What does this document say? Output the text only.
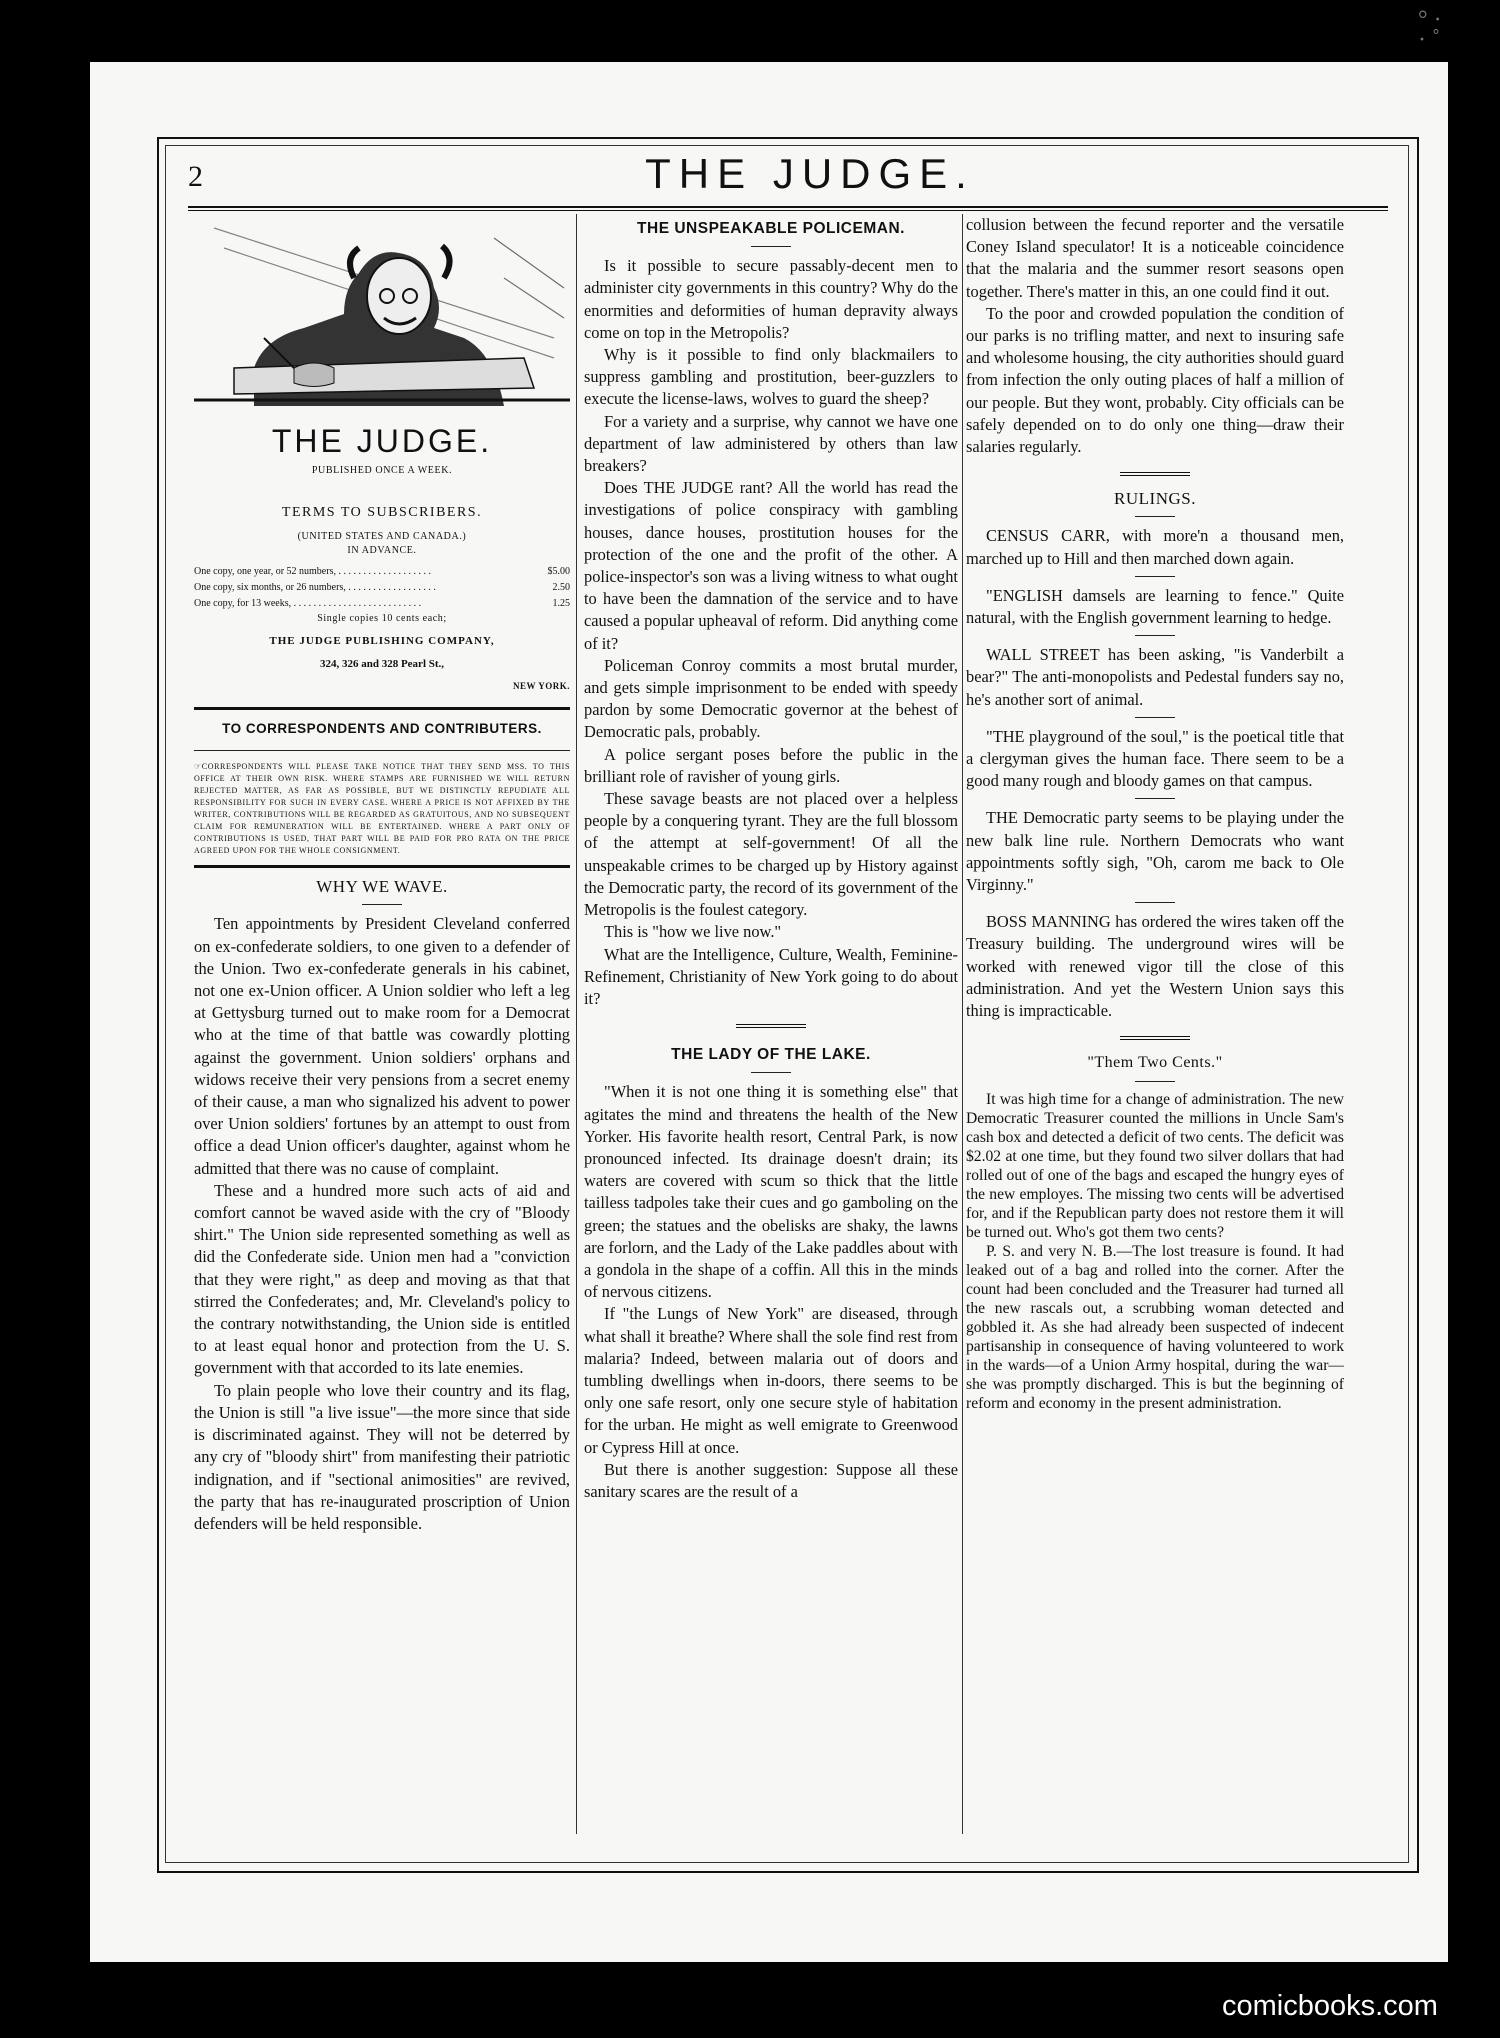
° ·
· ˚
2	THE JUDGE.
THE JUDGE.
PUBLISHED ONCE A WEEK.
TERMS TO SUBSCRIBERS.
(UNITED STATES AND CANADA.)
IN ADVANCE.
One copy, one year, or 52 numbers, . . . . . . . . . . . . . . . . . . .	$5.00
One copy, six months, or 26 numbers, . . . . . . . . . . . . . . . . . .	2.50
One copy, for 13 weeks, . . . . . . . . . . . . . . . . . . . . . . . . . .	1.25
Single copies 10 cents each;
THE JUDGE PUBLISHING COMPANY,
324, 326 and 328 Pearl St.,
NEW YORK.
TO CORRESPONDENTS AND CONTRIBUTERS.
☞CORRESPONDENTS WILL PLEASE TAKE NOTICE THAT THEY SEND MSS. TO THIS OFFICE AT THEIR OWN RISK. WHERE STAMPS ARE FURNISHED WE WILL RETURN REJECTED MATTER, AS FAR AS POSSIBLE, BUT WE DISTINCTLY REPUDIATE ALL RESPONSIBILITY FOR SUCH IN EVERY CASE. WHERE A PRICE IS NOT AFFIXED BY THE WRITER, CONTRIBUTIONS WILL BE REGARDED AS GRATUITOUS, AND NO SUBSEQUENT CLAIM FOR REMUNERATION WILL BE ENTERTAINED. WHERE A PART ONLY OF CONTRIBUTIONS IS USED, THAT PART WILL BE PAID FOR PRO RATA ON THE PRICE AGREED UPON FOR THE WHOLE CONSIGNMENT.
WHY WE WAVE.

Ten appointments by President Cleveland conferred on ex-confederate soldiers, to one given to a defender of the Union. Two ex-confederate generals in his cabinet, not one ex-Union officer. A Union soldier who left a leg at Gettysburg turned out to make room for a Democrat who at the time of that battle was cowardly plotting against the government. Union soldiers' orphans and widows receive their very pensions from a secret enemy of their cause, a man who signalized his advent to power over Union soldiers' fortunes by an attempt to oust from office a dead Union officer's daughter, against whom he admitted that there was no cause of complaint.

These and a hundred more such acts of aid and comfort cannot be waved aside with the cry of "Bloody shirt." The Union side represented something as well as did the Confederate side. Union men had a "conviction that they were right," as deep and moving as that that stirred the Confederates; and, Mr. Cleveland's policy to the contrary notwithstanding, the Union side is entitled to at least equal honor and protection from the U. S. government with that accorded to its late enemies.

To plain people who love their country and its flag, the Union is still "a live issue"—the more since that side is discriminated against. They will not be deterred by any cry of "bloody shirt" from manifesting their patriotic indignation, and if "sectional animosities" are revived, the party that has re-inaugurated proscription of Union defenders will be held responsible.

THE UNSPEAKABLE POLICEMAN.

Is it possible to secure passably-decent men to administer city governments in this country? Why do the enormities and deformities of human depravity always come on top in the Metropolis?

Why is it possible to find only blackmailers to suppress gambling and prostitution, beer-guzzlers to execute the license-laws, wolves to guard the sheep?

For a variety and a surprise, why cannot we have one department of law administered by others than law breakers?

Does THE JUDGE rant? All the world has read the investigations of police conspiracy with gambling houses, dance houses, prostitution houses for the protection of the one and the profit of the other. A police-inspector's son was a living witness to what ought to have been the damnation of the service and to have caused a popular upheaval of reform. Did anything come of it?

Policeman Conroy commits a most brutal murder, and gets simple imprisonment to be ended with speedy pardon by some Democratic governor at the behest of Democratic pals, probably.

A police sergant poses before the public in the brilliant role of ravisher of young girls.

These savage beasts are not placed over a helpless people by a conquering tyrant. They are the full blossom of the attempt at self-government! Of all the unspeakable crimes to be charged up by History against the Democratic party, the record of its government of the Metropolis is the foulest category.

This is "how we live now."

What are the Intelligence, Culture, Wealth, Feminine-Refinement, Christianity of New York going to do about it?

THE LADY OF THE LAKE.

"When it is not one thing it is something else" that agitates the mind and threatens the health of the New Yorker. His favorite health resort, Central Park, is now pronounced infected. Its drainage doesn't drain; its waters are covered with scum so thick that the little tailless tadpoles take their cues and go gamboling on the green; the statues and the obelisks are shaky, the lawns are forlorn, and the Lady of the Lake paddles about with a gondola in the shape of a coffin. All this in the minds of nervous citizens.

If "the Lungs of New York" are diseased, through what shall it breathe? Where shall the sole find rest from malaria? Indeed, between malaria out of doors and tumbling dwellings when in-doors, there seems to be only one safe resort, only one secure style of habitation for the urban. He might as well emigrate to Greenwood or Cypress Hill at once.

But there is another suggestion: Suppose all these sanitary scares are the result of a

collusion between the fecund reporter and the versatile Coney Island speculator! It is a noticeable coincidence that the malaria and the summer resort seasons open together. There's matter in this, an one could find it out.

To the poor and crowded population the condition of our parks is no trifling matter, and next to insuring safe and wholesome housing, the city authorities should guard from infection the only outing places of half a million of our people. But they wont, probably. City officials can be safely depended on to do only one thing—draw their salaries regularly.

RULINGS.

CENSUS CARR, with more'n a thousand men, marched up to Hill and then marched down again.

"ENGLISH damsels are learning to fence." Quite natural, with the English government learning to hedge.

WALL STREET has been asking, "is Vanderbilt a bear?" The anti-monopolists and Pedestal funders say no, he's another sort of animal.

"THE playground of the soul," is the poetical title that a clergyman gives the human face. There seem to be a good many rough and bloody games on that campus.

THE Democratic party seems to be playing under the new balk line rule. Northern Democrats who want appointments softly sigh, "Oh, carom me back to Ole Virginny."

BOSS MANNING has ordered the wires taken off the Treasury building. The underground wires will be worked with renewed vigor till the close of this administration. And yet the Western Union says this thing is impracticable.

"Them Two Cents."

It was high time for a change of administration. The new Democratic Treasurer counted the millions in Uncle Sam's cash box and detected a deficit of two cents. The deficit was $2.02 at one time, but they found two silver dollars that had rolled out of one of the bags and escaped the hungry eyes of the new employes. The missing two cents will be advertised for, and if the Republican party does not restore them it will be turned out. Who's got them two cents?

P. S. and very N. B.—The lost treasure is found. It had leaked out of a bag and rolled into the corner. After the count had been concluded and the Treasurer had turned all the new rascals out, a scrubbing woman detected and gobbled it. As she had already been suspected of indecent partisanship in consequence of having volunteered to work in the wards—of a Union Army hospital, during the war—she was promptly discharged. This is but the beginning of reform and economy in the present administration.

comicbooks.com
